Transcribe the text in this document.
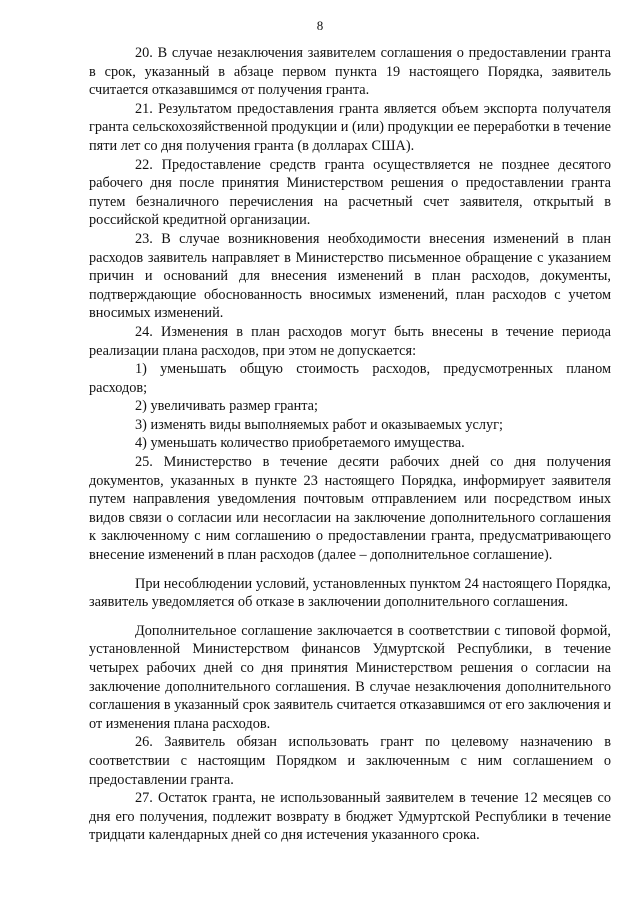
8

20. В случае незаключения заявителем соглашения о предоставлении гранта в срок, указанный в абзаце первом пункта 19 настоящего Порядка, заявитель считается отказавшимся от получения гранта.

21. Результатом предоставления гранта является объем экспорта получателя гранта сельскохозяйственной продукции и (или) продукции ее переработки в течение пяти лет со дня получения гранта (в долларах США).

22. Предоставление средств гранта осуществляется не позднее десятого рабочего дня после принятия Министерством решения о предоставлении гранта путем безналичного перечисления на расчетный счет заявителя, открытый в российской кредитной организации.

23. В случае возникновения необходимости внесения изменений в план расходов заявитель направляет в Министерство письменное обращение с указанием причин и оснований для внесения изменений в план расходов, документы, подтверждающие обоснованность вносимых изменений, план расходов с учетом вносимых изменений.

24. Изменения в план расходов могут быть внесены в течение периода реализации плана расходов, при этом не допускается:

1) уменьшать общую стоимость расходов, предусмотренных планом расходов;

2) увеличивать размер гранта;

3) изменять виды выполняемых работ и оказываемых услуг;

4) уменьшать количество приобретаемого имущества.

25. Министерство в течение десяти рабочих дней со дня получения документов, указанных в пункте 23 настоящего Порядка, информирует заявителя путем направления уведомления почтовым отправлением или посредством иных видов связи о согласии или несогласии на заключение дополнительного соглашения к заключенному с ним соглашению о предоставлении гранта, предусматривающего внесение изменений в план расходов (далее – дополнительное соглашение).

При несоблюдении условий, установленных пунктом 24 настоящего Порядка, заявитель уведомляется об отказе в заключении дополнительного соглашения.

Дополнительное соглашение заключается в соответствии с типовой формой, установленной Министерством финансов Удмуртской Республики, в течение четырех рабочих дней со дня принятия Министерством решения о согласии на заключение дополнительного соглашения. В случае незаключения дополнительного соглашения в указанный срок заявитель считается отказавшимся от его заключения и от изменения плана расходов.

26. Заявитель обязан использовать грант по целевому назначению в соответствии с настоящим Порядком и заключенным с ним соглашением о предоставлении гранта.

27. Остаток гранта, не использованный заявителем в течение 12 месяцев со дня его получения, подлежит возврату в бюджет Удмуртской Республики в течение тридцати календарных дней со дня истечения указанного срока.
